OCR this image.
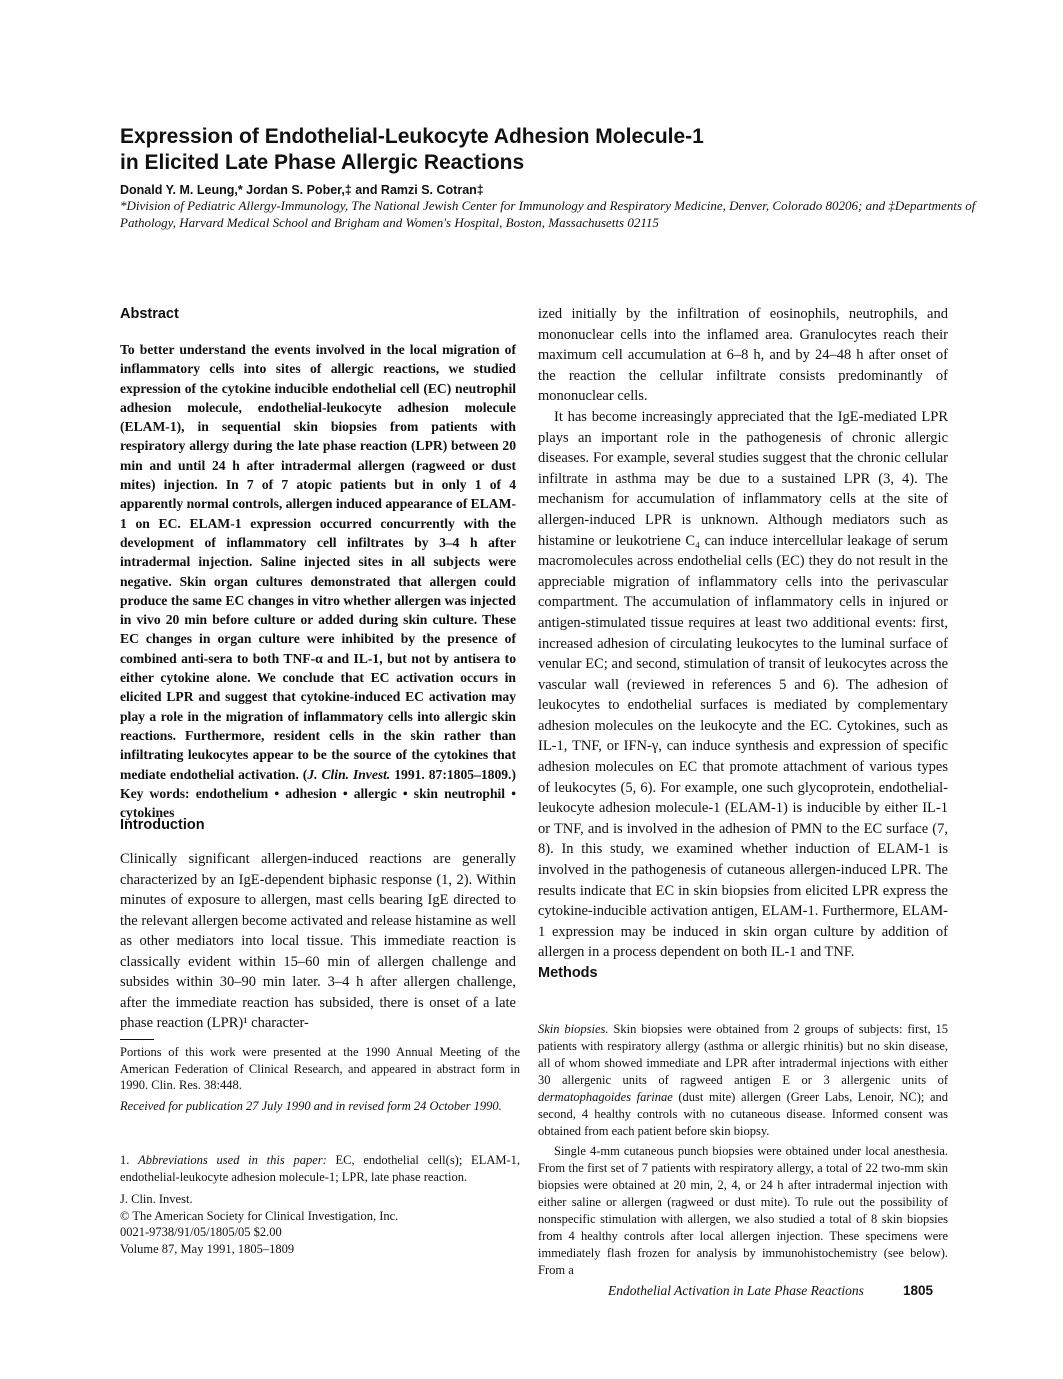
Expression of Endothelial-Leukocyte Adhesion Molecule-1
in Elicited Late Phase Allergic Reactions
Donald Y. M. Leung,* Jordan S. Pober,‡ and Ramzi S. Cotran‡
*Division of Pediatric Allergy-Immunology, The National Jewish Center for Immunology and Respiratory Medicine, Denver, Colorado 80206; and ‡Departments of Pathology, Harvard Medical School and Brigham and Women's Hospital, Boston, Massachusetts 02115
Abstract

To better understand the events involved in the local migration of inflammatory cells into sites of allergic reactions, we studied expression of the cytokine inducible endothelial cell (EC) neutrophil adhesion molecule, endothelial-leukocyte adhesion molecule (ELAM-1), in sequential skin biopsies from patients with respiratory allergy during the late phase reaction (LPR) between 20 min and until 24 h after intradermal allergen (ragweed or dust mites) injection. In 7 of 7 atopic patients but in only 1 of 4 apparently normal controls, allergen induced appearance of ELAM-1 on EC. ELAM-1 expression occurred concurrently with the development of inflammatory cell infiltrates by 3–4 h after intradermal injection. Saline injected sites in all subjects were negative. Skin organ cultures demonstrated that allergen could produce the same EC changes in vitro whether allergen was injected in vivo 20 min before culture or added during skin culture. These EC changes in organ culture were inhibited by the presence of combined anti-sera to both TNF-α and IL-1, but not by antisera to either cytokine alone. We conclude that EC activation occurs in elicited LPR and suggest that cytokine-induced EC activation may play a role in the migration of inflammatory cells into allergic skin reactions. Furthermore, resident cells in the skin rather than infiltrating leukocytes appear to be the source of the cytokines that mediate endothelial activation. (J. Clin. Invest. 1991. 87:1805–1809.) Key words: endothelium • adhesion • allergic • skin neutrophil • cytokines

Introduction

Clinically significant allergen-induced reactions are generally characterized by an IgE-dependent biphasic response (1, 2). Within minutes of exposure to allergen, mast cells bearing IgE directed to the relevant allergen become activated and release histamine as well as other mediators into local tissue. This immediate reaction is classically evident within 15–60 min of allergen challenge and subsides within 30–90 min later. 3–4 h after allergen challenge, after the immediate reaction has subsided, there is onset of a late phase reaction (LPR)¹ character-

Portions of this work were presented at the 1990 Annual Meeting of the American Federation of Clinical Research, and appeared in abstract form in 1990. Clin. Res. 38:448.
Received for publication 27 July 1990 and in revised form 24 October 1990.
1. Abbreviations used in this paper: EC, endothelial cell(s); ELAM-1, endothelial-leukocyte adhesion molecule-1; LPR, late phase reaction.
J. Clin. Invest.
© The American Society for Clinical Investigation, Inc.
0021-9738/91/05/1805/05 $2.00
Volume 87, May 1991, 1805–1809

ized initially by the infiltration of eosinophils, neutrophils, and mononuclear cells into the inflamed area. Granulocytes reach their maximum cell accumulation at 6–8 h, and by 24–48 h after onset of the reaction the cellular infiltrate consists predominantly of mononuclear cells.

It has become increasingly appreciated that the IgE-mediated LPR plays an important role in the pathogenesis of chronic allergic diseases. For example, several studies suggest that the chronic cellular infiltrate in asthma may be due to a sustained LPR (3, 4). The mechanism for accumulation of inflammatory cells at the site of allergen-induced LPR is unknown. Although mediators such as histamine or leukotriene C₄ can induce intercellular leakage of serum macromolecules across endothelial cells (EC) they do not result in the appreciable migration of inflammatory cells into the perivascular compartment. The accumulation of inflammatory cells in injured or antigen-stimulated tissue requires at least two additional events: first, increased adhesion of circulating leukocytes to the luminal surface of venular EC; and second, stimulation of transit of leukocytes across the vascular wall (reviewed in references 5 and 6). The adhesion of leukocytes to endothelial surfaces is mediated by complementary adhesion molecules on the leukocyte and the EC. Cytokines, such as IL-1, TNF, or IFN-γ, can induce synthesis and expression of specific adhesion molecules on EC that promote attachment of various types of leukocytes (5, 6). For example, one such glycoprotein, endothelial-leukocyte adhesion molecule-1 (ELAM-1) is inducible by either IL-1 or TNF, and is involved in the adhesion of PMN to the EC surface (7, 8). In this study, we examined whether induction of ELAM-1 is involved in the pathogenesis of cutaneous allergen-induced LPR. The results indicate that EC in skin biopsies from elicited LPR express the cytokine-inducible activation antigen, ELAM-1. Furthermore, ELAM-1 expression may be induced in skin organ culture by addition of allergen in a process dependent on both IL-1 and TNF.

Methods

Skin biopsies. Skin biopsies were obtained from 2 groups of subjects: first, 15 patients with respiratory allergy (asthma or allergic rhinitis) but no skin disease, all of whom showed immediate and LPR after intradermal injections with either 30 allergenic units of ragweed antigen E or 3 allergenic units of dermatophagoides farinae (dust mite) allergen (Greer Labs, Lenoir, NC); and second, 4 healthy controls with no cutaneous disease. Informed consent was obtained from each patient before skin biopsy.

Single 4-mm cutaneous punch biopsies were obtained under local anesthesia. From the first set of 7 patients with respiratory allergy, a total of 22 two-mm skin biopsies were obtained at 20 min, 2, 4, or 24 h after intradermal injection with either saline or allergen (ragweed or dust mite). To rule out the possibility of nonspecific stimulation with allergen, we also studied a total of 8 skin biopsies from 4 healthy controls after local allergen injection. These specimens were immediately flash frozen for analysis by immunohistochemistry (see below). From a

Endothelial Activation in Late Phase Reactions	1805
